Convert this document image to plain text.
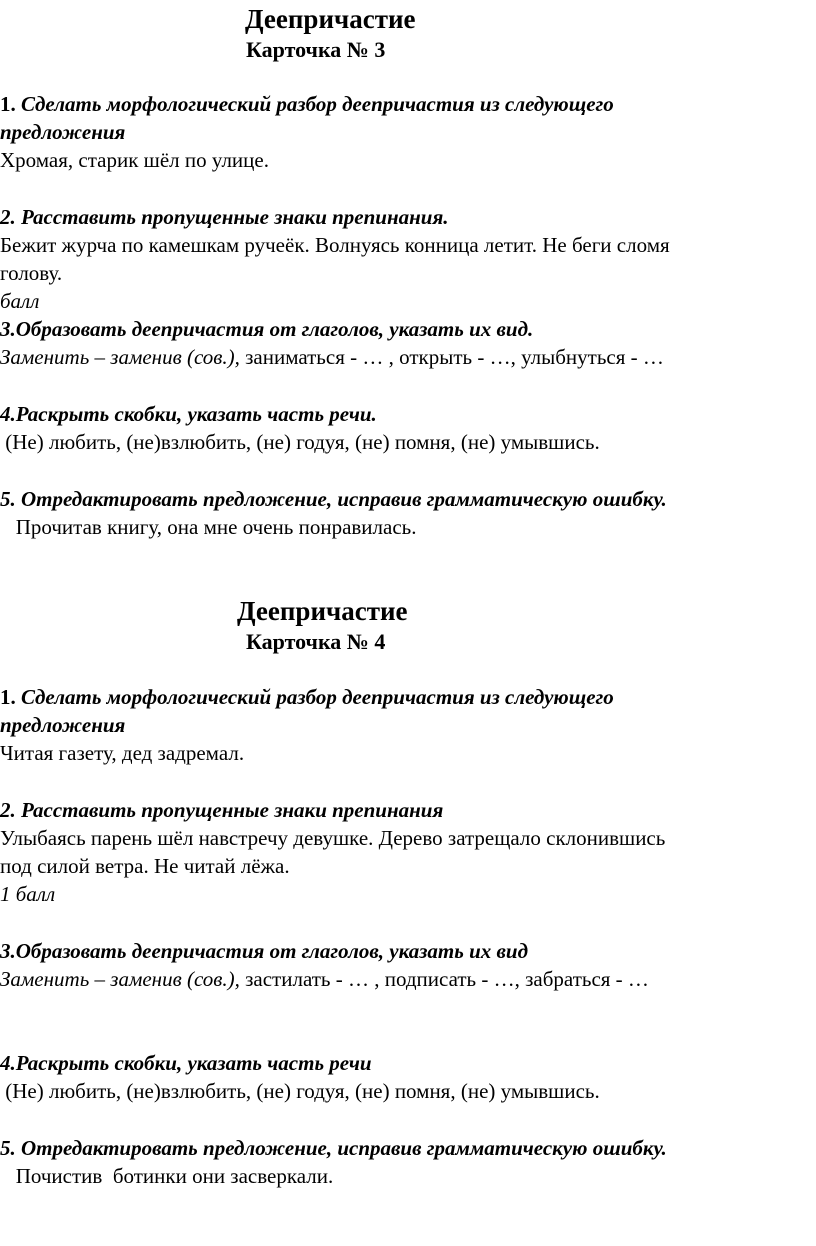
Деепричастие
Карточка № 3
1. Сделать морфологический разбор деепричастия из следующего
предложения
Хромая, старик шёл по улице.
2. Расставить пропущенные знаки препинания.
Бежит журча по камешкам ручеёк. Волнуясь конница летит. Не беги сломя
голову.
балл
3.Образовать деепричастия от глаголов, указать их вид.
Заменить – заменив (сов.), заниматься - … , открыть - …, улыбнуться - …
4.Раскрыть скобки, указать часть речи.
(Не) любить, (не)взлюбить, (не) годуя, (не) помня, (не) умывшись.
5. Отредактировать предложение, исправив грамматическую ошибку.
Прочитав книгу, она мне очень понравилась.
Деепричастие
Карточка № 4
1. Сделать морфологический разбор деепричастия из следующего
предложения
Читая газету, дед задремал.
2. Расставить пропущенные знаки препинания
Улыбаясь парень шёл навстречу девушке. Дерево затрещало склонившись
под силой ветра. Не читай лёжа.
1 балл
3.Образовать деепричастия от глаголов, указать их вид
Заменить – заменив (сов.), застилать - … , подписать - …, забраться - …
4.Раскрыть скобки, указать часть речи
(Не) любить, (не)взлюбить, (не) годуя, (не) помня, (не) умывшись.
5. Отредактировать предложение, исправив грамматическую ошибку.
Почистив  ботинки они засверкали.
